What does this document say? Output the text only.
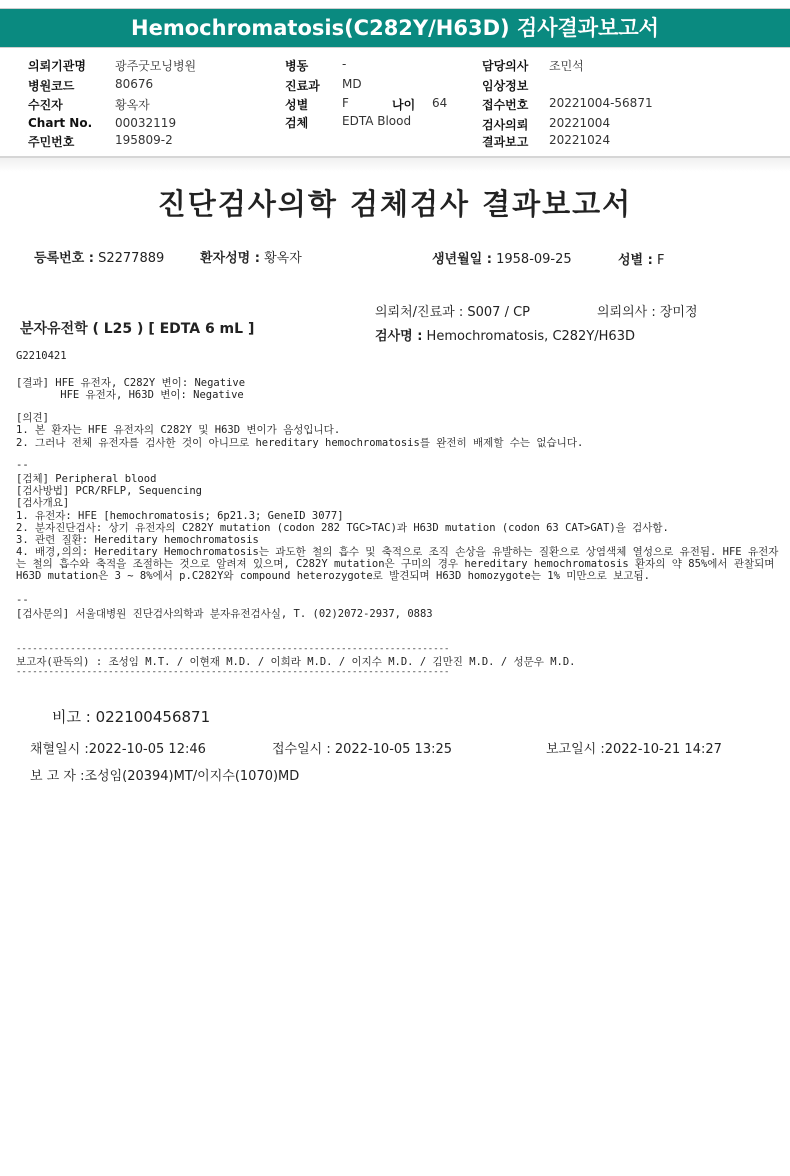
Hemochromatosis(C282Y/H63D) 검사결과보고서
의뢰기관명 광주굿모닝병원
병원코드	80676
수진자	황옥자
Chart No. 00032119
주민번호	195809-2
병동	-
진료과 MD
성별	F	나이 64
검체	EDTA Blood
담당의사 조민석
임상정보
접수번호 20221004-56871
검사의뢰 20221004
결과보고 20221024
진단검사의학 검체검사 결과보고서
등록번호 : S2277889	환자성명 : 황옥자	생년월일 : 1958-09-25	성별 : F
의뢰처/진료과 : S007 / CP	의뢰의사 : 장미정
분자유전학 ( L25 ) [ EDTA 6 mL ]	검사명 : Hemochromatosis, C282Y/H63D
G2210421
[결과] HFE 유전자, C282Y 변이: Negative
HFE 유전자, H63D 변이: Negative
[의견]
1. 본 환자는 HFE 유전자의 C282Y 및 H63D 변이가 음성입니다.
2. 그러나 전체 유전자를 검사한 것이 아니므로 hereditary hemochromatosis를 완전히 배제할 수는 없습니다.
--
[검체] Peripheral blood
[검사방법] PCR/RFLP, Sequencing
[검사개요]
1. 유전자: HFE [hemochromatosis; 6p21.3; GeneID 3077]
2. 분자진단검사: 상기 유전자의 C282Y mutation (codon 282 TGC>TAC)과 H63D mutation (codon 63 CAT>GAT)을 검사함.
3. 관련 질환: Hereditary hemochromatosis
4. 배경,의의: Hereditary Hemochromatosis는 과도한 철의 흡수 및 축적으로 조직 손상을 유발하는 질환으로 상염색체 열성으로 유전됨. HFE 유전자는 철의 흡수와 축적을 조절하는 것으로 알려져 있으며, C282Y mutation은 구미의 경우 hereditary hemochromatosis 환자의 약 85%에서 관찰되며 H63D mutation은 3 ~ 8%에서 p.C282Y와 compound heterozygote로 발견되며 H63D homozygote는 1% 미만으로 보고됨.
--
[검사문의] 서울대병원 진단검사의학과 분자유전검사실, T. (02)2072-2937, 0883
--------------------------------------------------------------------------------
보고자(판독의) : 조성임 M.T. / 이현재 M.D. / 이희라 M.D. / 이지수 M.D. / 김만진 M.D. / 성문우 M.D.
--------------------------------------------------------------------------------
비고 : 022100456871
채혈일시 :2022-10-05 12:46	접수일시 : 2022-10-05 13:25	보고일시 :2022-10-21 14:27
보 고 자 :조성임(20394)MT/이지수(1070)MD
